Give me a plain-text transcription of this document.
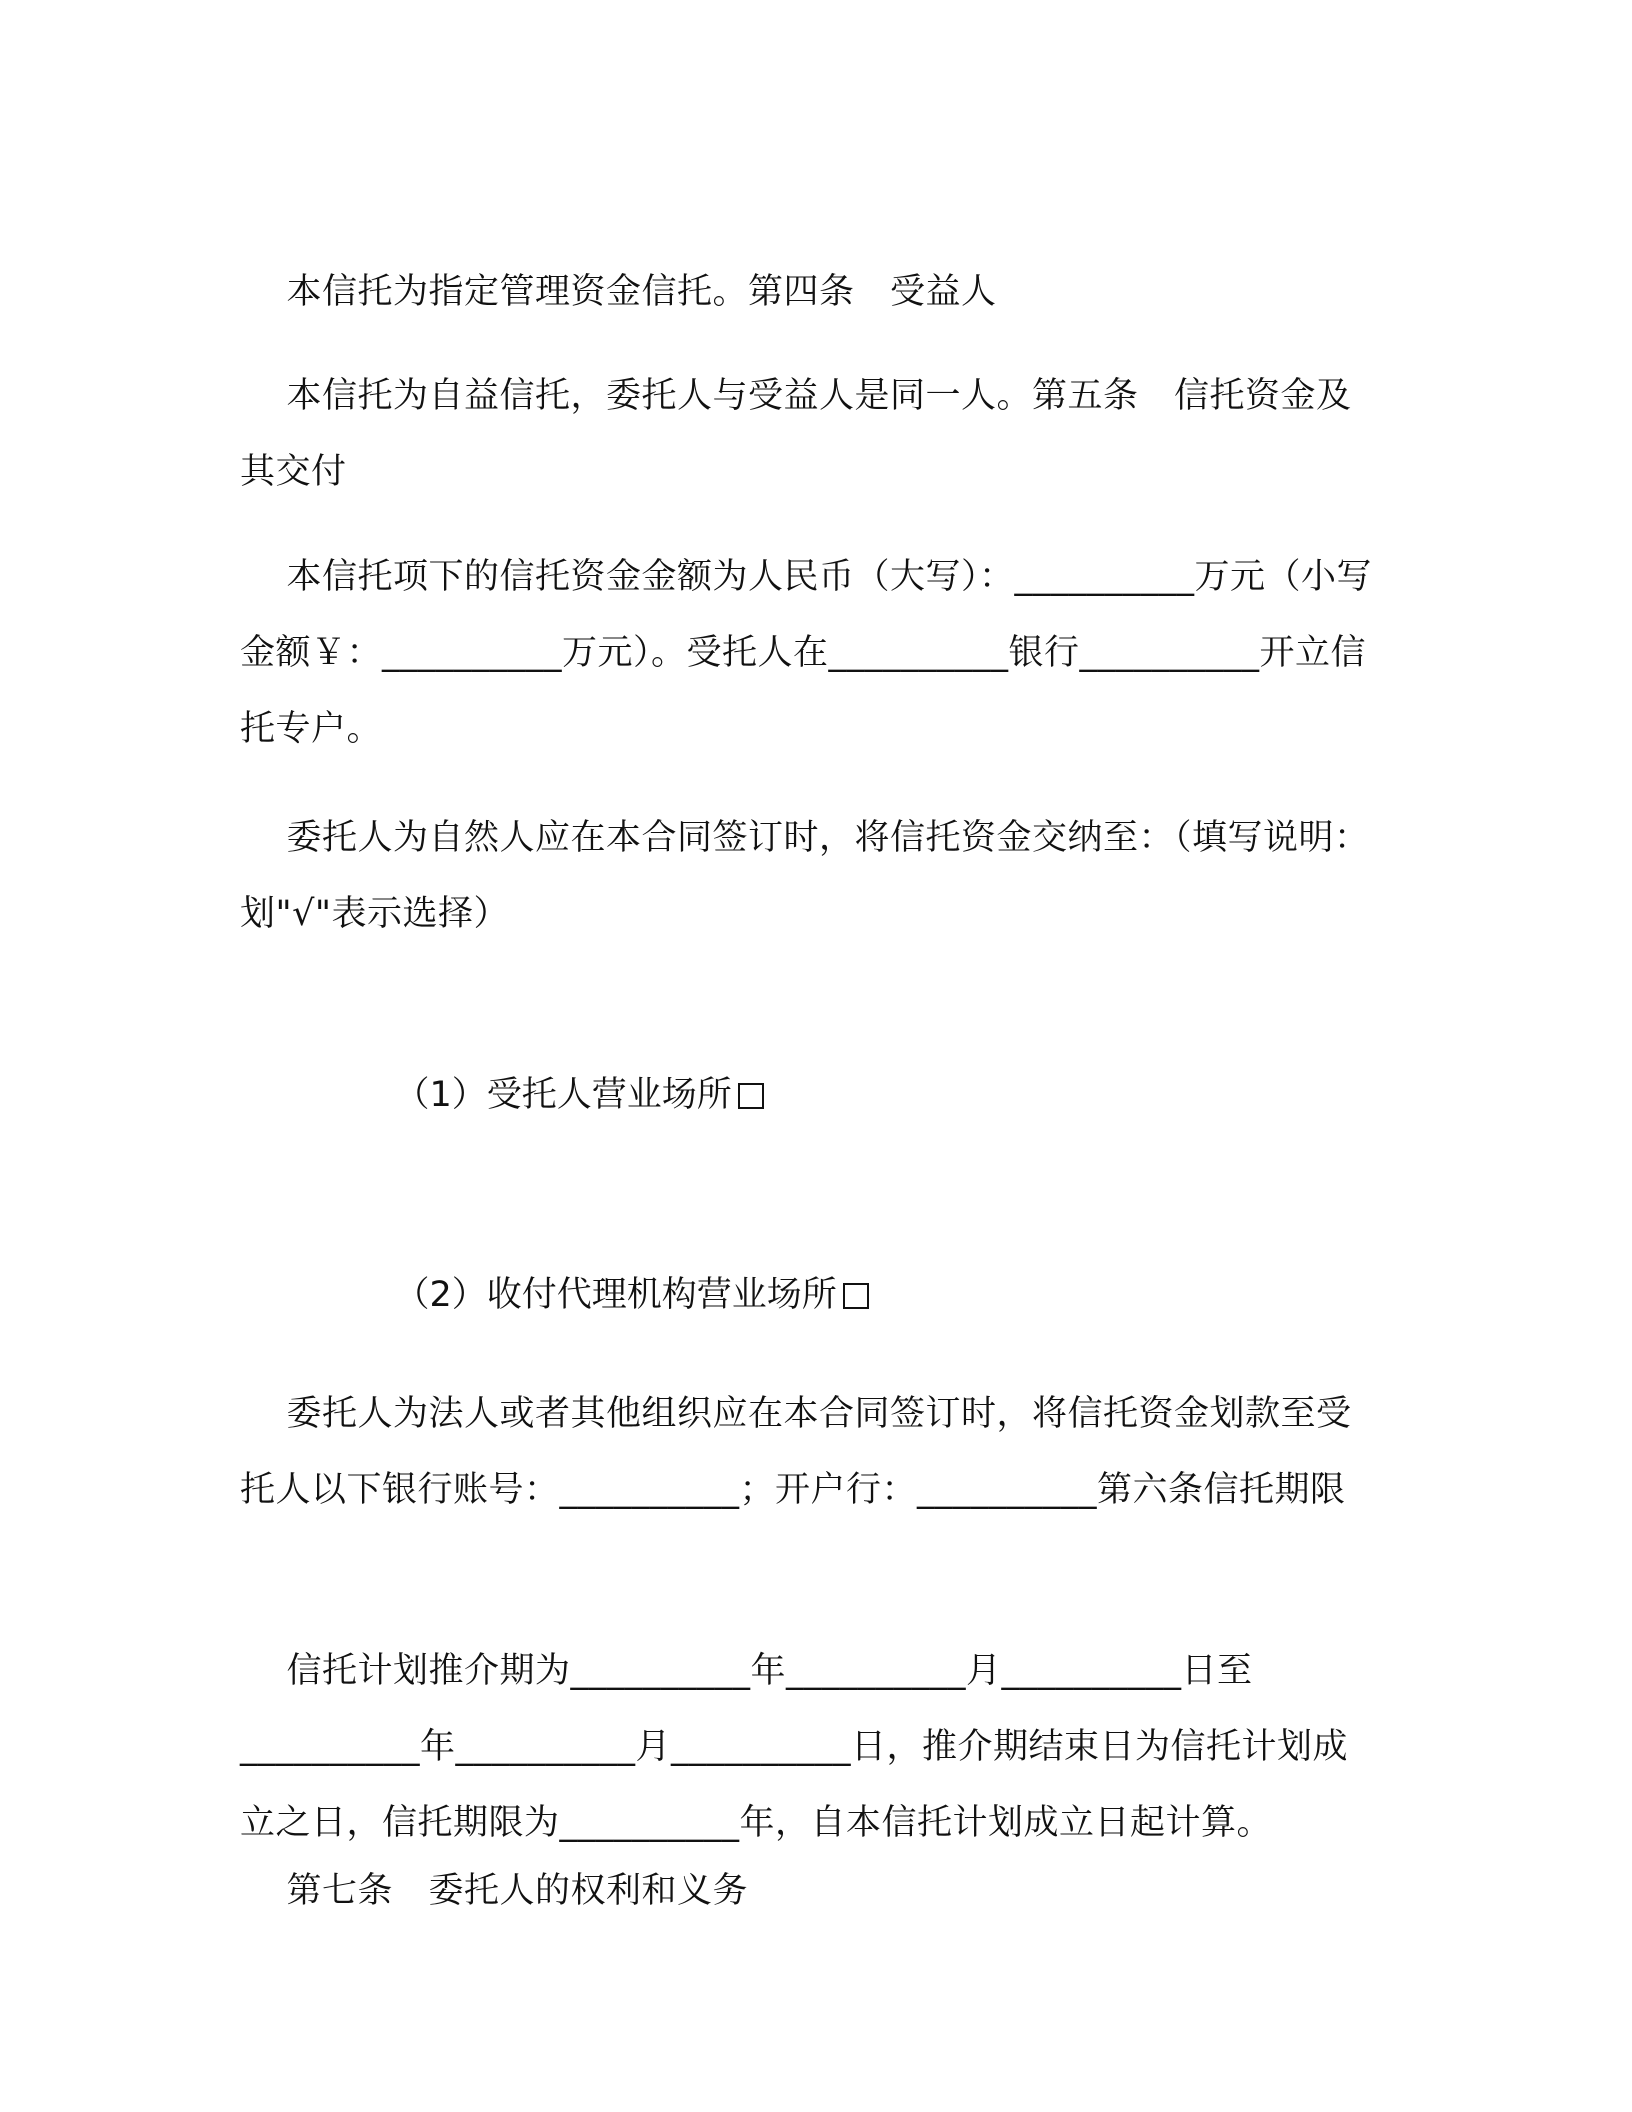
本信托为指定管理资金信托。第四条　受益人

本信托为自益信托，委托人与受益人是同一人。第五条　信托资金及其交付

本信托项下的信托资金金额为人民币（大写）：__________万元（小写金额￥：__________万元）。受托人在__________银行__________开立信托专户。

委托人为自然人应在本合同签订时，将信托资金交纳至：（填写说明：划"√"表示选择）

（1）受托人营业场所

（2）收付代理机构营业场所

委托人为法人或者其他组织应在本合同签订时，将信托资金划款至受托人以下银行账号：__________；开户行：__________第六条信托期限

信托计划推介期为__________年__________月__________日至__________年__________月__________日，推介期结束日为信托计划成立之日，信托期限为__________年，自本信托计划成立日起计算。

第七条　委托人的权利和义务
